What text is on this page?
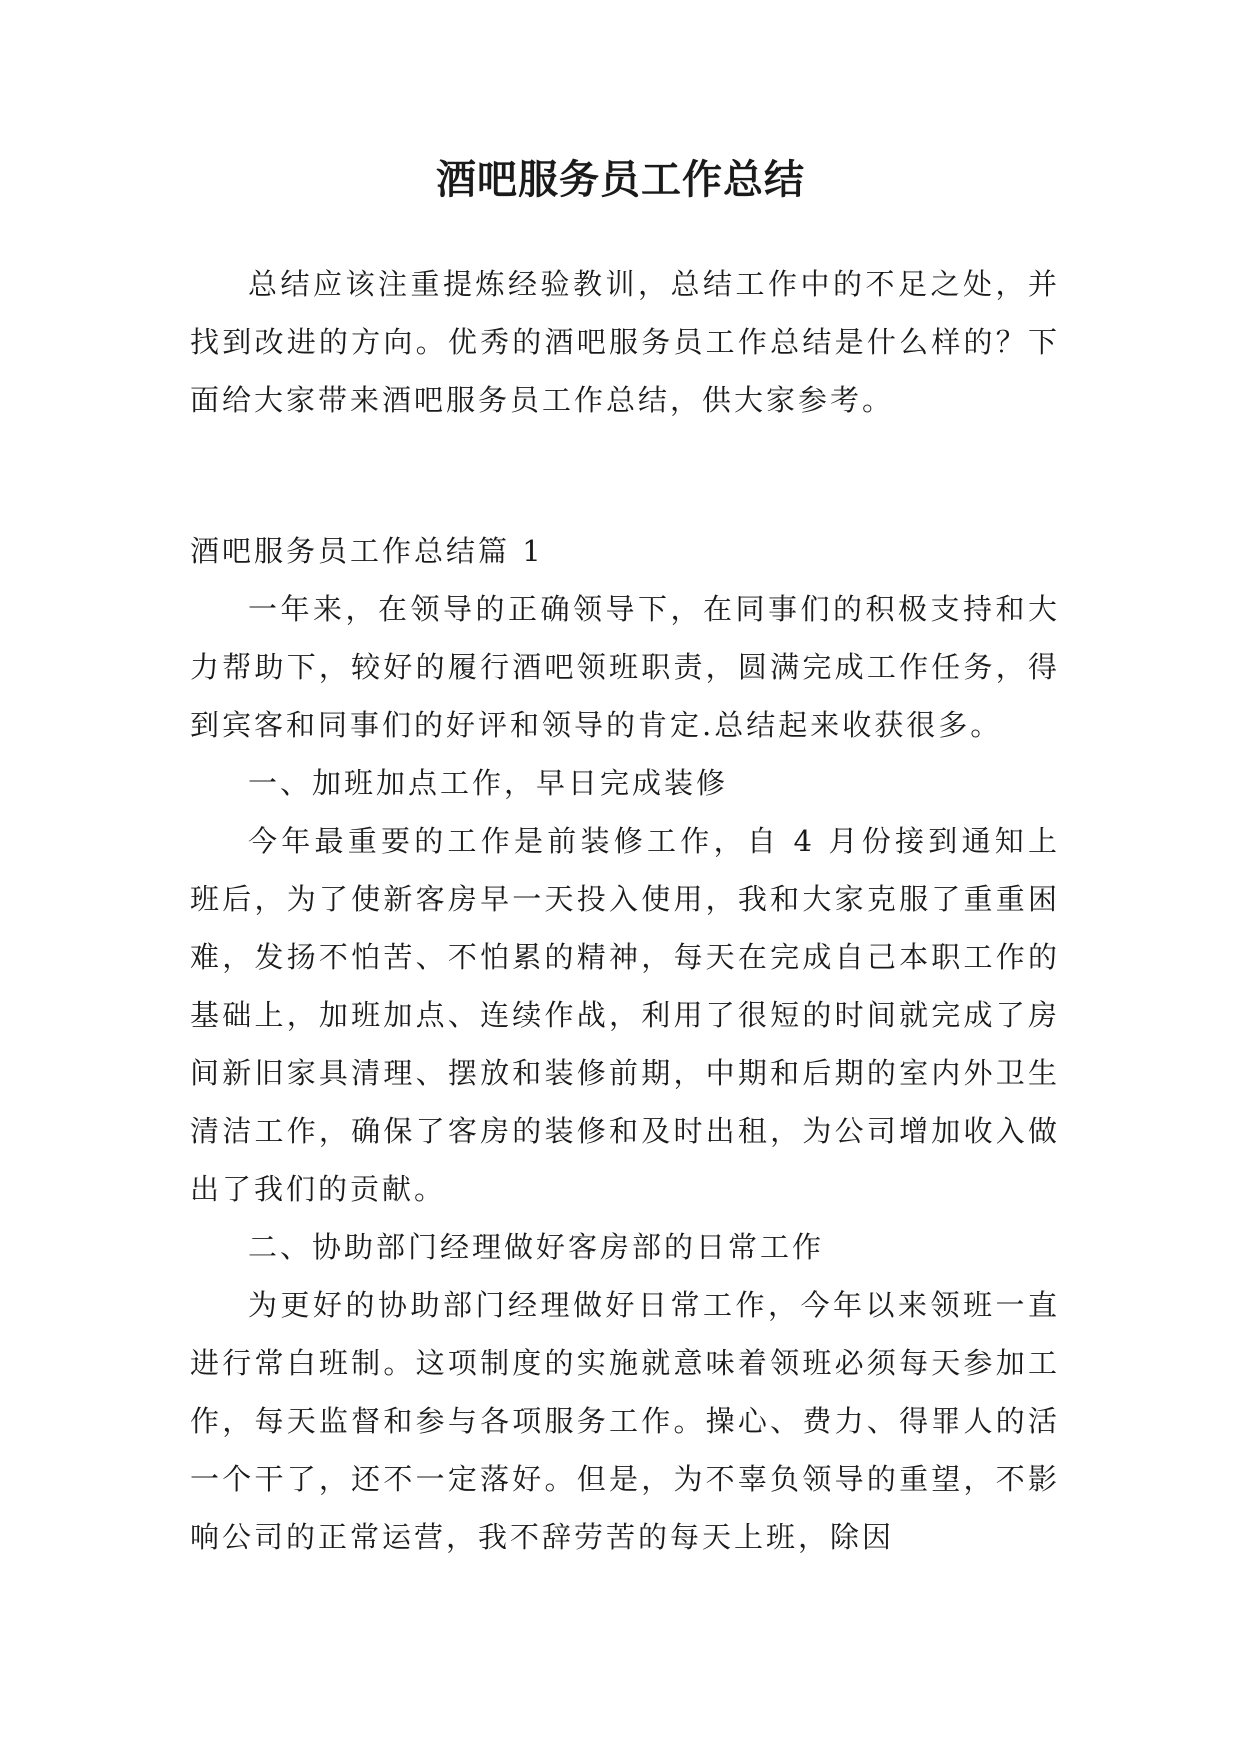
酒吧服务员工作总结

总结应该注重提炼经验教训，总结工作中的不足之处，并找到改进的方向。优秀的酒吧服务员工作总结是什么样的？下面给大家带来酒吧服务员工作总结，供大家参考。

酒吧服务员工作总结篇 1

一年来，在领导的正确领导下，在同事们的积极支持和大力帮助下，较好的履行酒吧领班职责，圆满完成工作任务，得到宾客和同事们的好评和领导的肯定.总结起来收获很多。

一、加班加点工作，早日完成装修

今年最重要的工作是前装修工作，自 4 月份接到通知上班后，为了使新客房早一天投入使用，我和大家克服了重重困难，发扬不怕苦、不怕累的精神，每天在完成自己本职工作的基础上，加班加点、连续作战，利用了很短的时间就完成了房间新旧家具清理、摆放和装修前期，中期和后期的室内外卫生清洁工作，确保了客房的装修和及时出租，为公司增加收入做出了我们的贡献。

二、协助部门经理做好客房部的日常工作

为更好的协助部门经理做好日常工作，今年以来领班一直进行常白班制。这项制度的实施就意味着领班必须每天参加工作，每天监督和参与各项服务工作。操心、费力、得罪人的活一个干了，还不一定落好。但是，为不辜负领导的重望，不影响公司的正常运营，我不辞劳苦的每天上班，除因
